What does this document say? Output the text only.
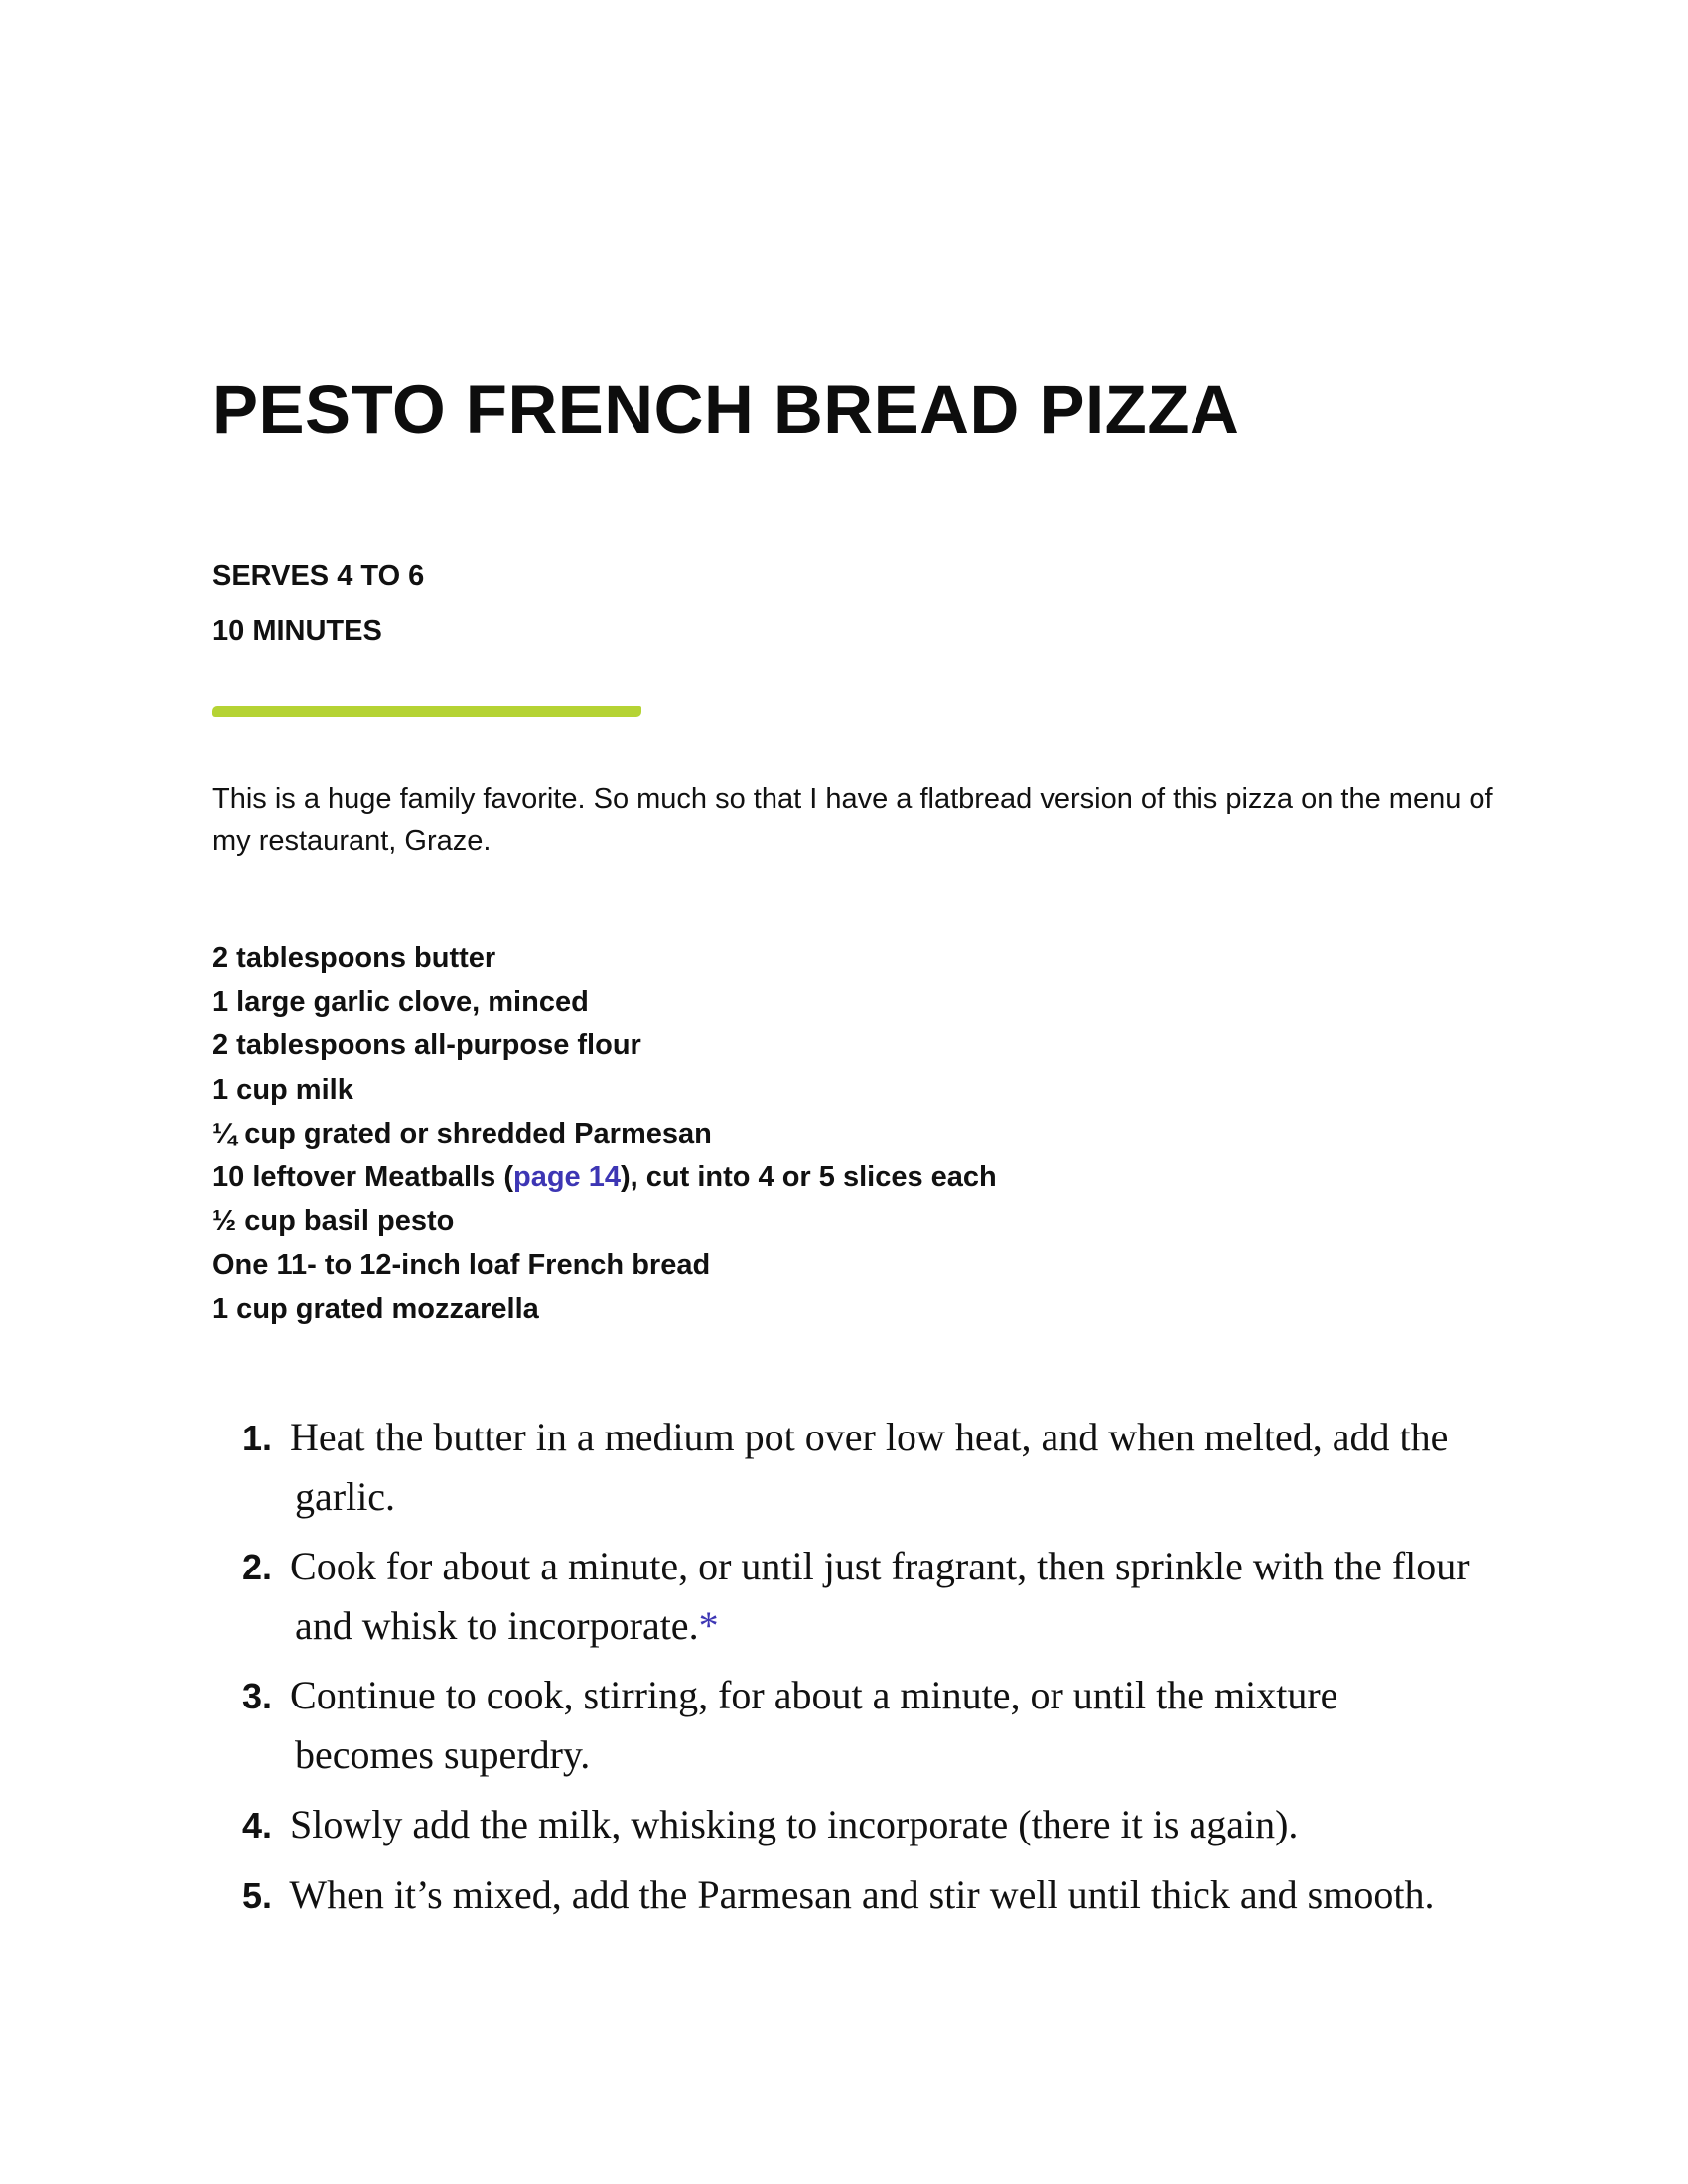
PESTO FRENCH BREAD PIZZA
SERVES 4 TO 6
10 MINUTES

This is a huge family favorite. So much so that I have a flatbread version of this pizza on the menu of my restaurant, Graze.

2 tablespoons butter
1 large garlic clove, minced
2 tablespoons all-purpose flour
1 cup milk
¼ cup grated or shredded Parmesan
10 leftover Meatballs (page 14), cut into 4 or 5 slices each
½ cup basil pesto
One 11- to 12-inch loaf French bread
1 cup grated mozzarella
1. Heat the butter in a medium pot over low heat, and when melted, add the garlic.
2. Cook for about a minute, or until just fragrant, then sprinkle with the flour and whisk to incorporate.*
3. Continue to cook, stirring, for about a minute, or until the mixture becomes superdry.
4. Slowly add the milk, whisking to incorporate (there it is again).
5. When it’s mixed, add the Parmesan and stir well until thick and smooth.
